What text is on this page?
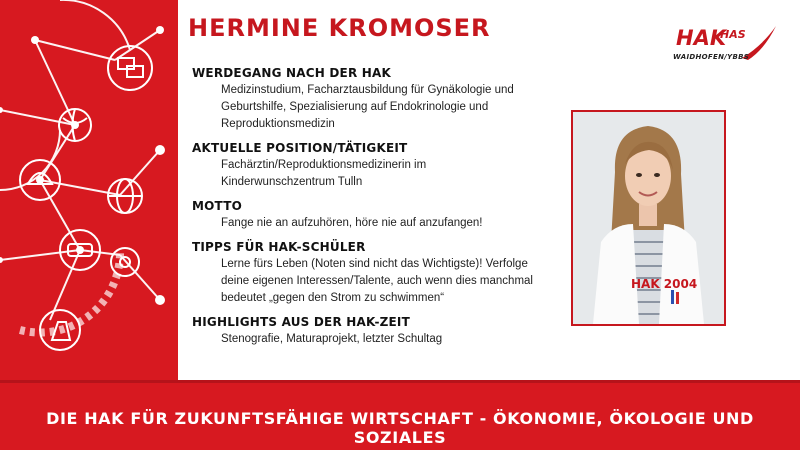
HERMINE KROMOSER	HAK
HAS
WAIDHOFEN/YBBS
WERDEGANG NACH DER HAK
Medizinstudium, Facharztausbildung für Gynäkologie und
Geburtshilfe, Spezialisierung auf Endokrinologie und
Reproduktionsmedizin
AKTUELLE POSITION/TÄTIGKEIT
Fachärztin/Reproduktionsmedizinerin im
Kinderwunschzentrum Tulln
MOTTO
Fange nie an aufzuhören, höre nie auf anzufangen!
TIPPS FÜR HAK-SCHÜLER
Lerne fürs Leben (Noten sind nicht das Wichtigste)! Verfolge
deine eigenen Interessen/Talente, auch wenn dies manchmal
bedeutet „gegen den Strom zu schwimmen“
HIGHLIGHTS AUS DER HAK-ZEIT
Stenografie, Maturaprojekt, letzter Schultag
HAK 2004
DIE HAK FÜR ZUKUNFTSFÄHIGE WIRTSCHAFT - ÖKONOMIE, ÖKOLOGIE UND SOZIALES
